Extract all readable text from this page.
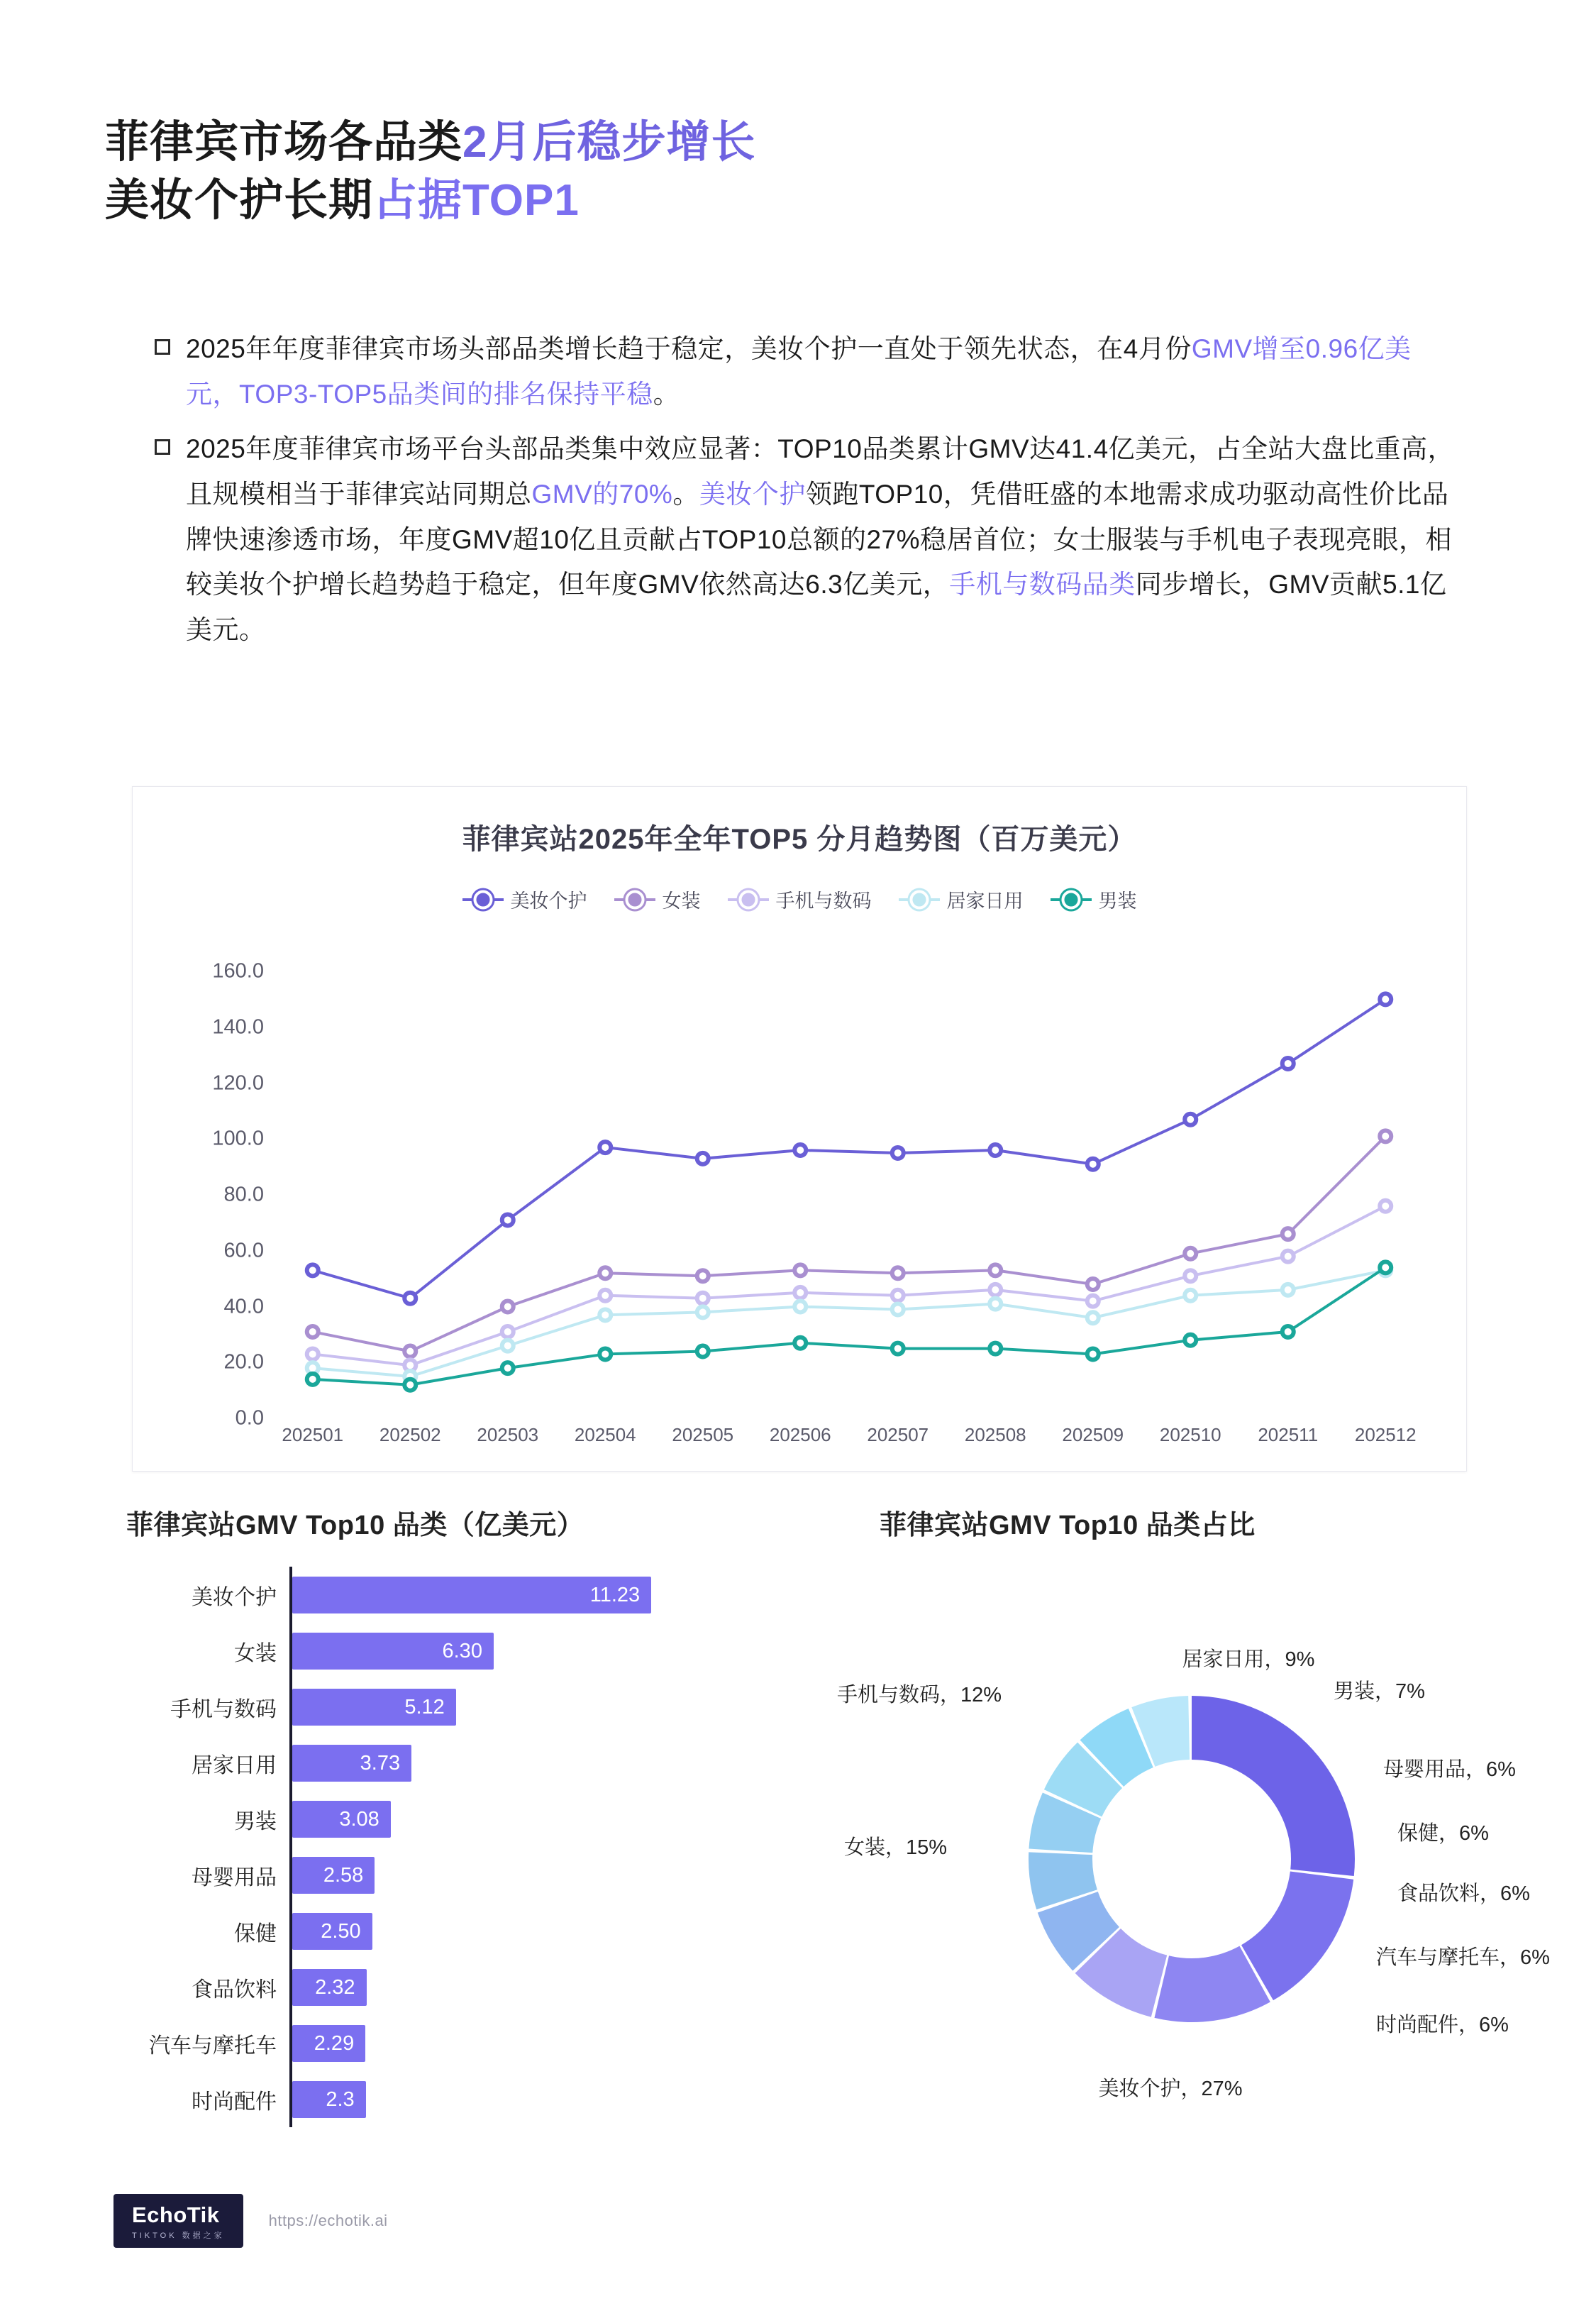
菲律宾市场各品类2月后稳步增长
美妆个护长期占据TOP1
2025年年度菲律宾市场头部品类增长趋于稳定，美妆个护一直处于领先状态，在4月份GMV增至0.96亿美元，TOP3-TOP5品类间的排名保持平稳。
2025年度菲律宾市场平台头部品类集中效应显著：TOP10品类累计GMV达41.4亿美元，占全站大盘比重高，且规模相当于菲律宾站同期总GMV的70%。美妆个护领跑TOP10，凭借旺盛的本地需求成功驱动高性价比品牌快速渗透市场，年度GMV超10亿且贡献占TOP10总额的27%稳居首位；女士服装与手机电子表现亮眼，相较美妆个护增长趋势趋于稳定，但年度GMV依然高达6.3亿美元，手机与数码品类同步增长，GMV贡献5.1亿美元。
菲律宾站2025年全年TOP5 分月趋势图（百万美元）
美妆个护	女装	手机与数码	居家日用	男装
0.0
20.0
40.0
60.0
80.0
100.0
120.0
140.0
160.0
202501	202502	202503	202504	202505	202506	202507	202508	202509	202510	202511	202512
菲律宾站GMV Top10 品类（亿美元）
美妆个护	11.23
女装	6.30
手机与数码	5.12
居家日用	3.73
男装	3.08
母婴用品	2.58
保健	2.50
食品饮料	2.32
汽车与摩托车	2.29
时尚配件	2.3
菲律宾站GMV Top10 品类占比
美妆个护，27%
女装，15%
手机与数码，12%
居家日用，9%
男装，7%
母婴用品，6%
保健，6%
食品饮料，6%
汽车与摩托车，6%
时尚配件，6%
EchoTik
TIKTOK 数据之家
https://echotik.ai
